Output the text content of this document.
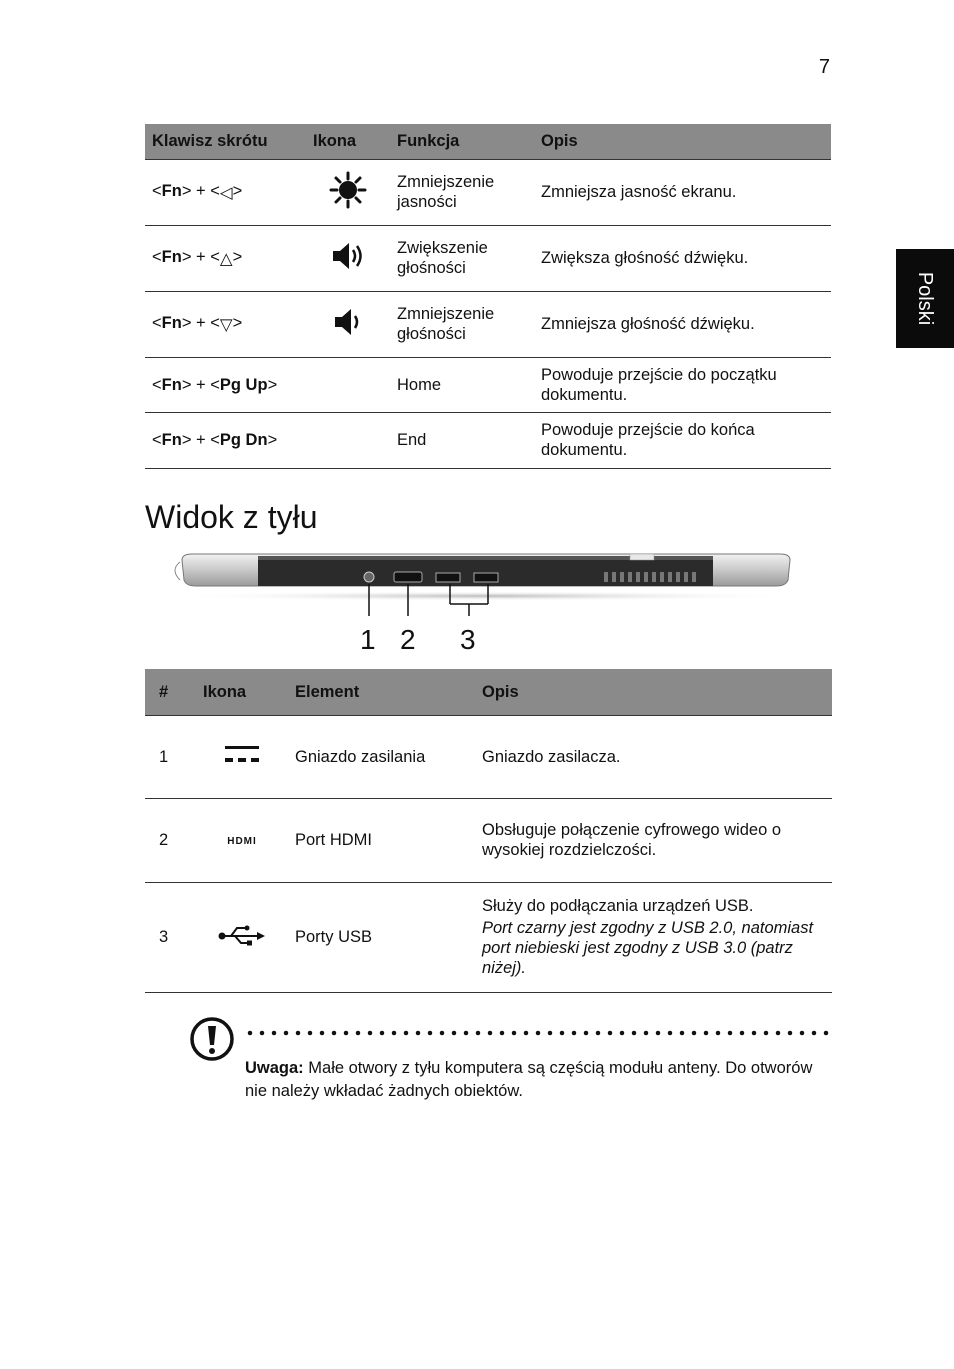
7
Polski
Klawisz skrótu	Ikona	Funkcja	Opis
<Fn> + <◁>		Zmniejszenie jasności	Zmniejsza jasność ekranu.
<Fn> + <△>		Zwiększenie głośności	Zwiększa głośność dźwięku.
<Fn> + <▽>		Zmniejszenie głośności	Zmniejsza głośność dźwięku.
<Fn> + <Pg Up>		Home	Powoduje przejście do początku dokumentu.
<Fn> + <Pg Dn>		End	Powoduje przejście do końca dokumentu.
Widok z tyłu
1 2 3
#	Ikona	Element	Opis
1		Gniazdo zasilania	Gniazdo zasilacza.
2	HDMI	Port HDMI	Obsługuje połączenie cyfrowego wideo o wysokiej rozdzielczości.
3		Porty USB	Służy do podłączania urządzeń USB.
Port czarny jest zgodny z USB 2.0, natomiast port niebieski jest zgodny z USB 3.0 (patrz niżej).
Uwaga: Małe otwory z tyłu komputera są częścią modułu anteny. Do otworów nie należy wkładać żadnych obiektów.
